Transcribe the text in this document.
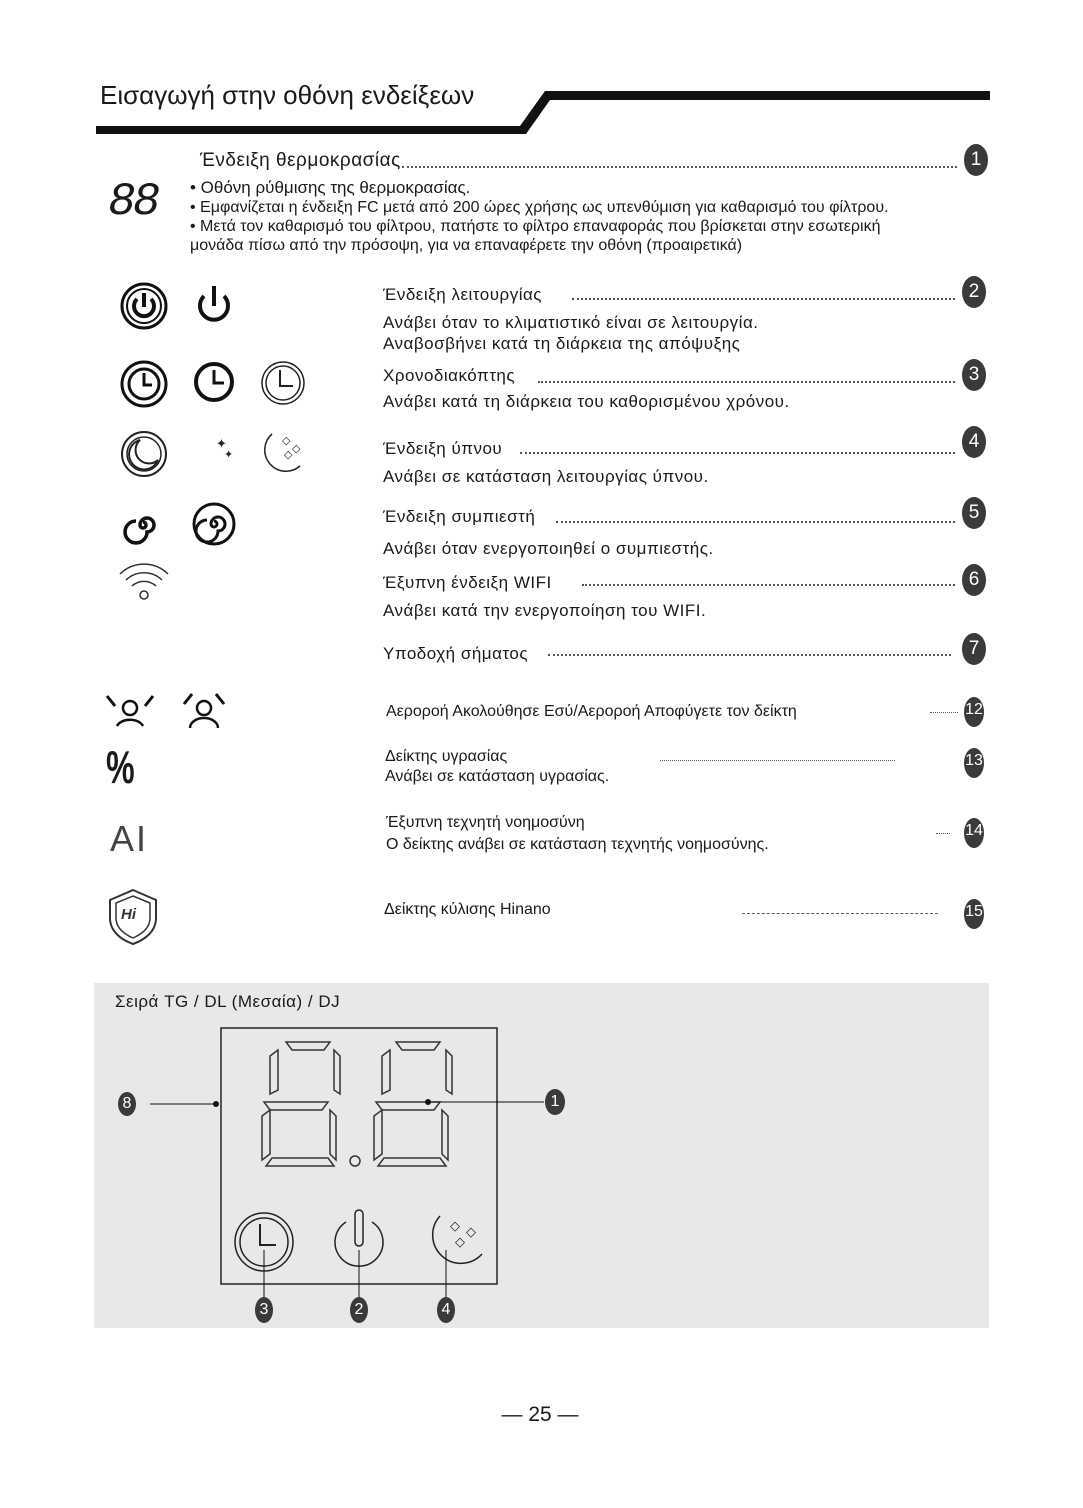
Εισαγωγή στην οθόνη ενδείξεων
Ένδειξη θερμοκρασίας	1
88 • Οθόνη ρύθμισης της θερμοκρασίας.
• Εμφανίζεται η ένδειξη FC μετά από 200 ώρες χρήσης ως υπενθύμιση για καθαρισμό του φίλτρου.
• Μετά τον καθαρισμό του φίλτρου, πατήστε το φίλτρο επαναφοράς που βρίσκεται στην εσωτερική
μονάδα πίσω από την πρόσοψη, για να επαναφέρετε την οθόνη (προαιρετικά)
Ένδειξη λειτουργίας	2
Ανάβει όταν το κλιματιστικό είναι σε λειτουργία.
Αναβοσβήνει κατά τη διάρκεια της απόψυξης
Χρονοδιακόπτης	3
Ανάβει κατά τη διάρκεια του καθορισμένου χρόνου.
Ένδειξη ύπνου	4
Ανάβει σε κατάσταση λειτουργίας ύπνου.
Ένδειξη συμπιεστή	5
Ανάβει όταν ενεργοποιηθεί ο συμπιεστής.
Έξυπνη ένδειξη WIFI	6
Ανάβει κατά την ενεργοποίηση του WIFI.
Υποδοχή σήματος	7
Αεροροή Ακολούθησε Εσύ/Αεροροή Αποφύγετε τον δείκτη	12
Δείκτης υγρασίας	13
Ανάβει σε κατάσταση υγρασίας.
Έξυπνη τεχνητή νοημοσύνη	14
Ο δείκτης ανάβει σε κατάσταση τεχνητής νοημοσύνης.
Δείκτης κύλισης Hinano	15
✦
✦
◇
◇
◇
%
AI
Hi
Σειρά TG / DL (Μεσαία) / DJ
◇ ◇
◇
8	1
3	2	4
— 25 —
